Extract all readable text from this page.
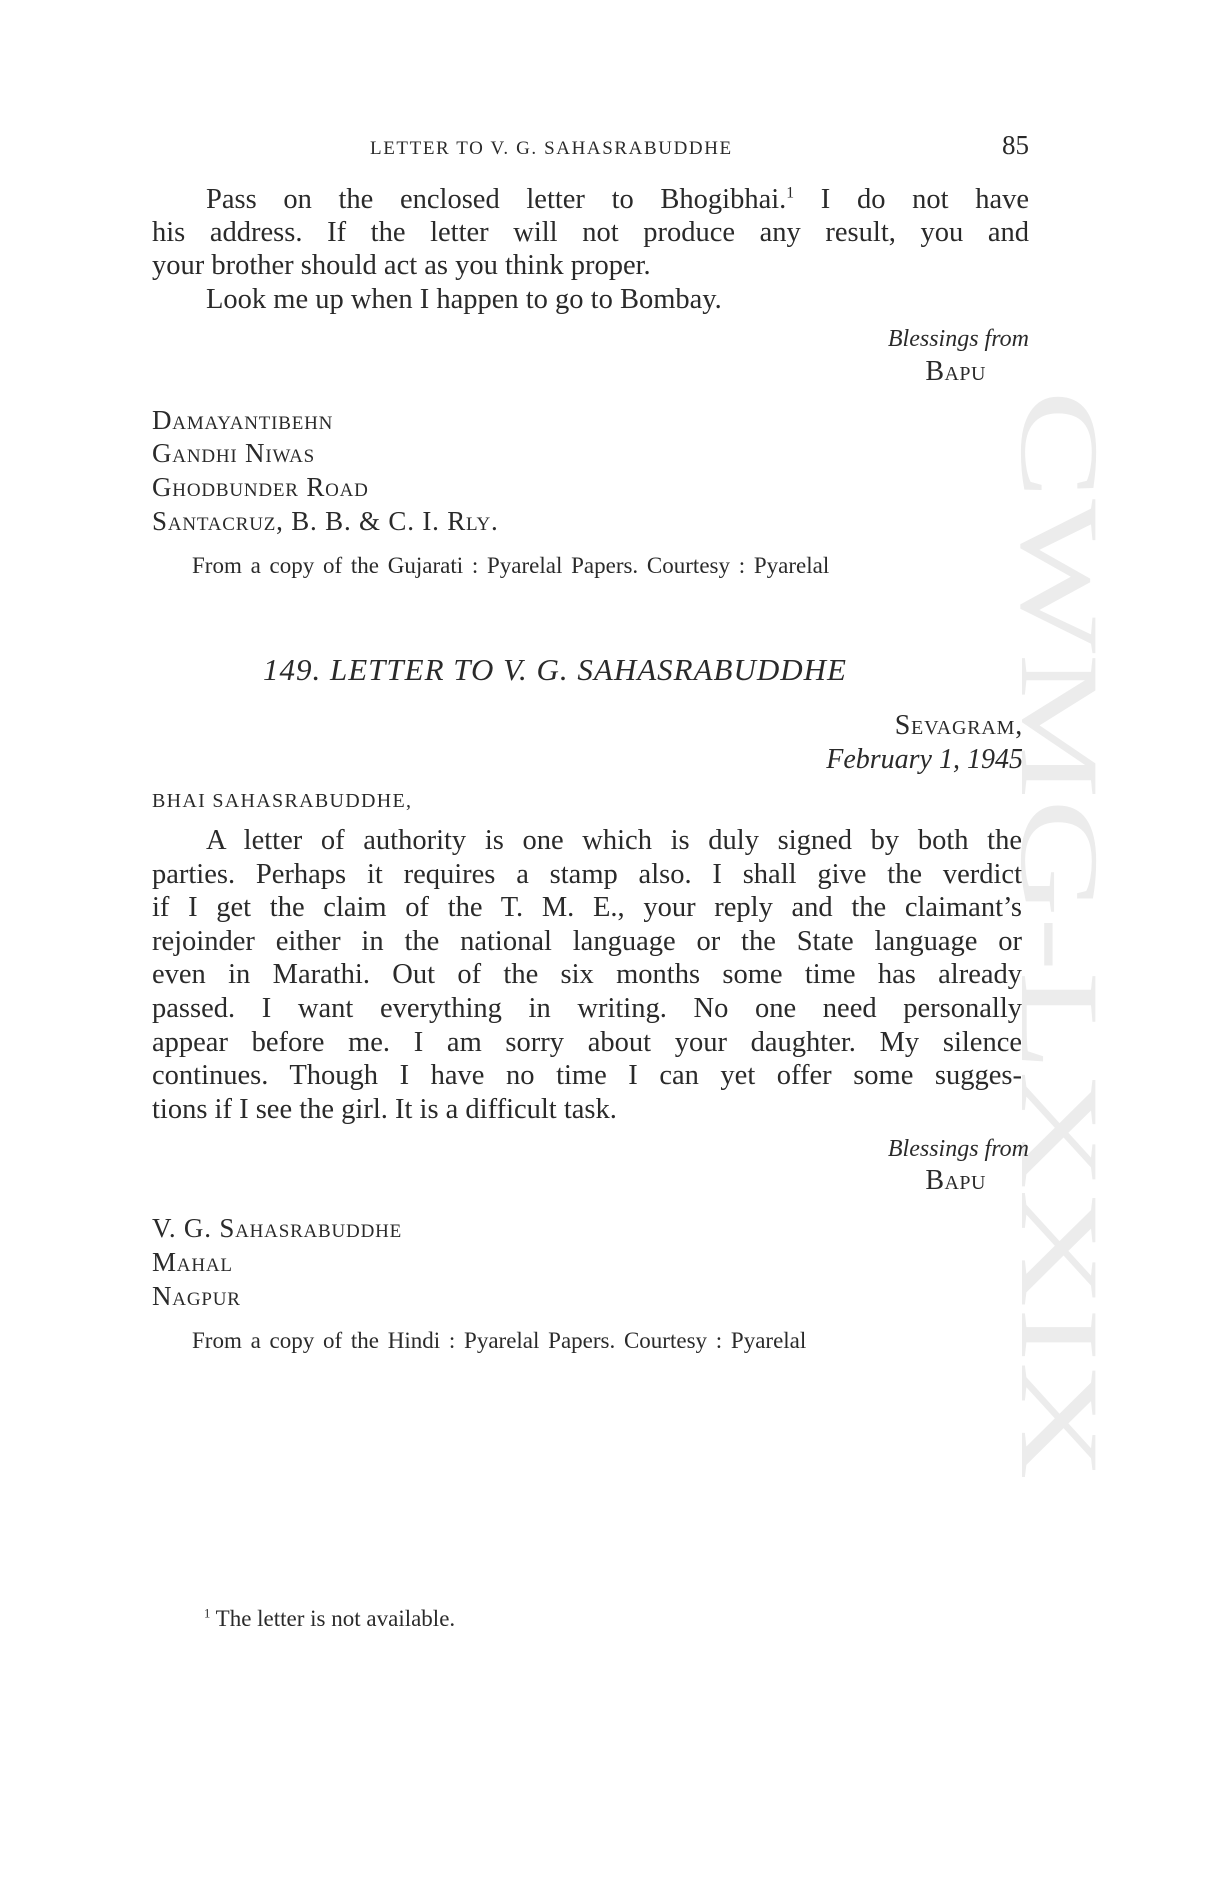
CWMG-LXXIX
LETTER TO V. G. SAHASRABUDDHE	85
Pass on the enclosed letter to Bhogibhai.$^1$ I do not have
his address. If the letter will not produce any result, you and
your brother should act as you think proper.
Look me up when I happen to go to Bombay.
Blessings from
Bapu
Damayantibehn
Gandhi Niwas
Ghodbunder Road
Santacruz, B. B. & C. I. Rly.
From a copy of the Gujarati : Pyarelal Papers. Courtesy : Pyarelal
149. LETTER TO V. G. SAHASRABUDDHE
Sevagram,
February 1, 1945
BHAI SAHASRABUDDHE,
A letter of authority is one which is duly signed by both the
parties. Perhaps it requires a stamp also. I shall give the verdict
if I get the claim of the T. M. E., your reply and the claimant’s
rejoinder either in the national language or the State language or
even in Marathi. Out of the six months some time has already
passed. I want everything in writing. No one need personally
appear before me. I am sorry about your daughter. My silence
continues. Though I have no time I can yet offer some sugges-
tions if I see the girl. It is a difficult task.
Blessings from
Bapu
V. G. Sahasrabuddhe
Mahal
Nagpur
From a copy of the Hindi : Pyarelal Papers. Courtesy : Pyarelal
$^1$ The letter is not available.
